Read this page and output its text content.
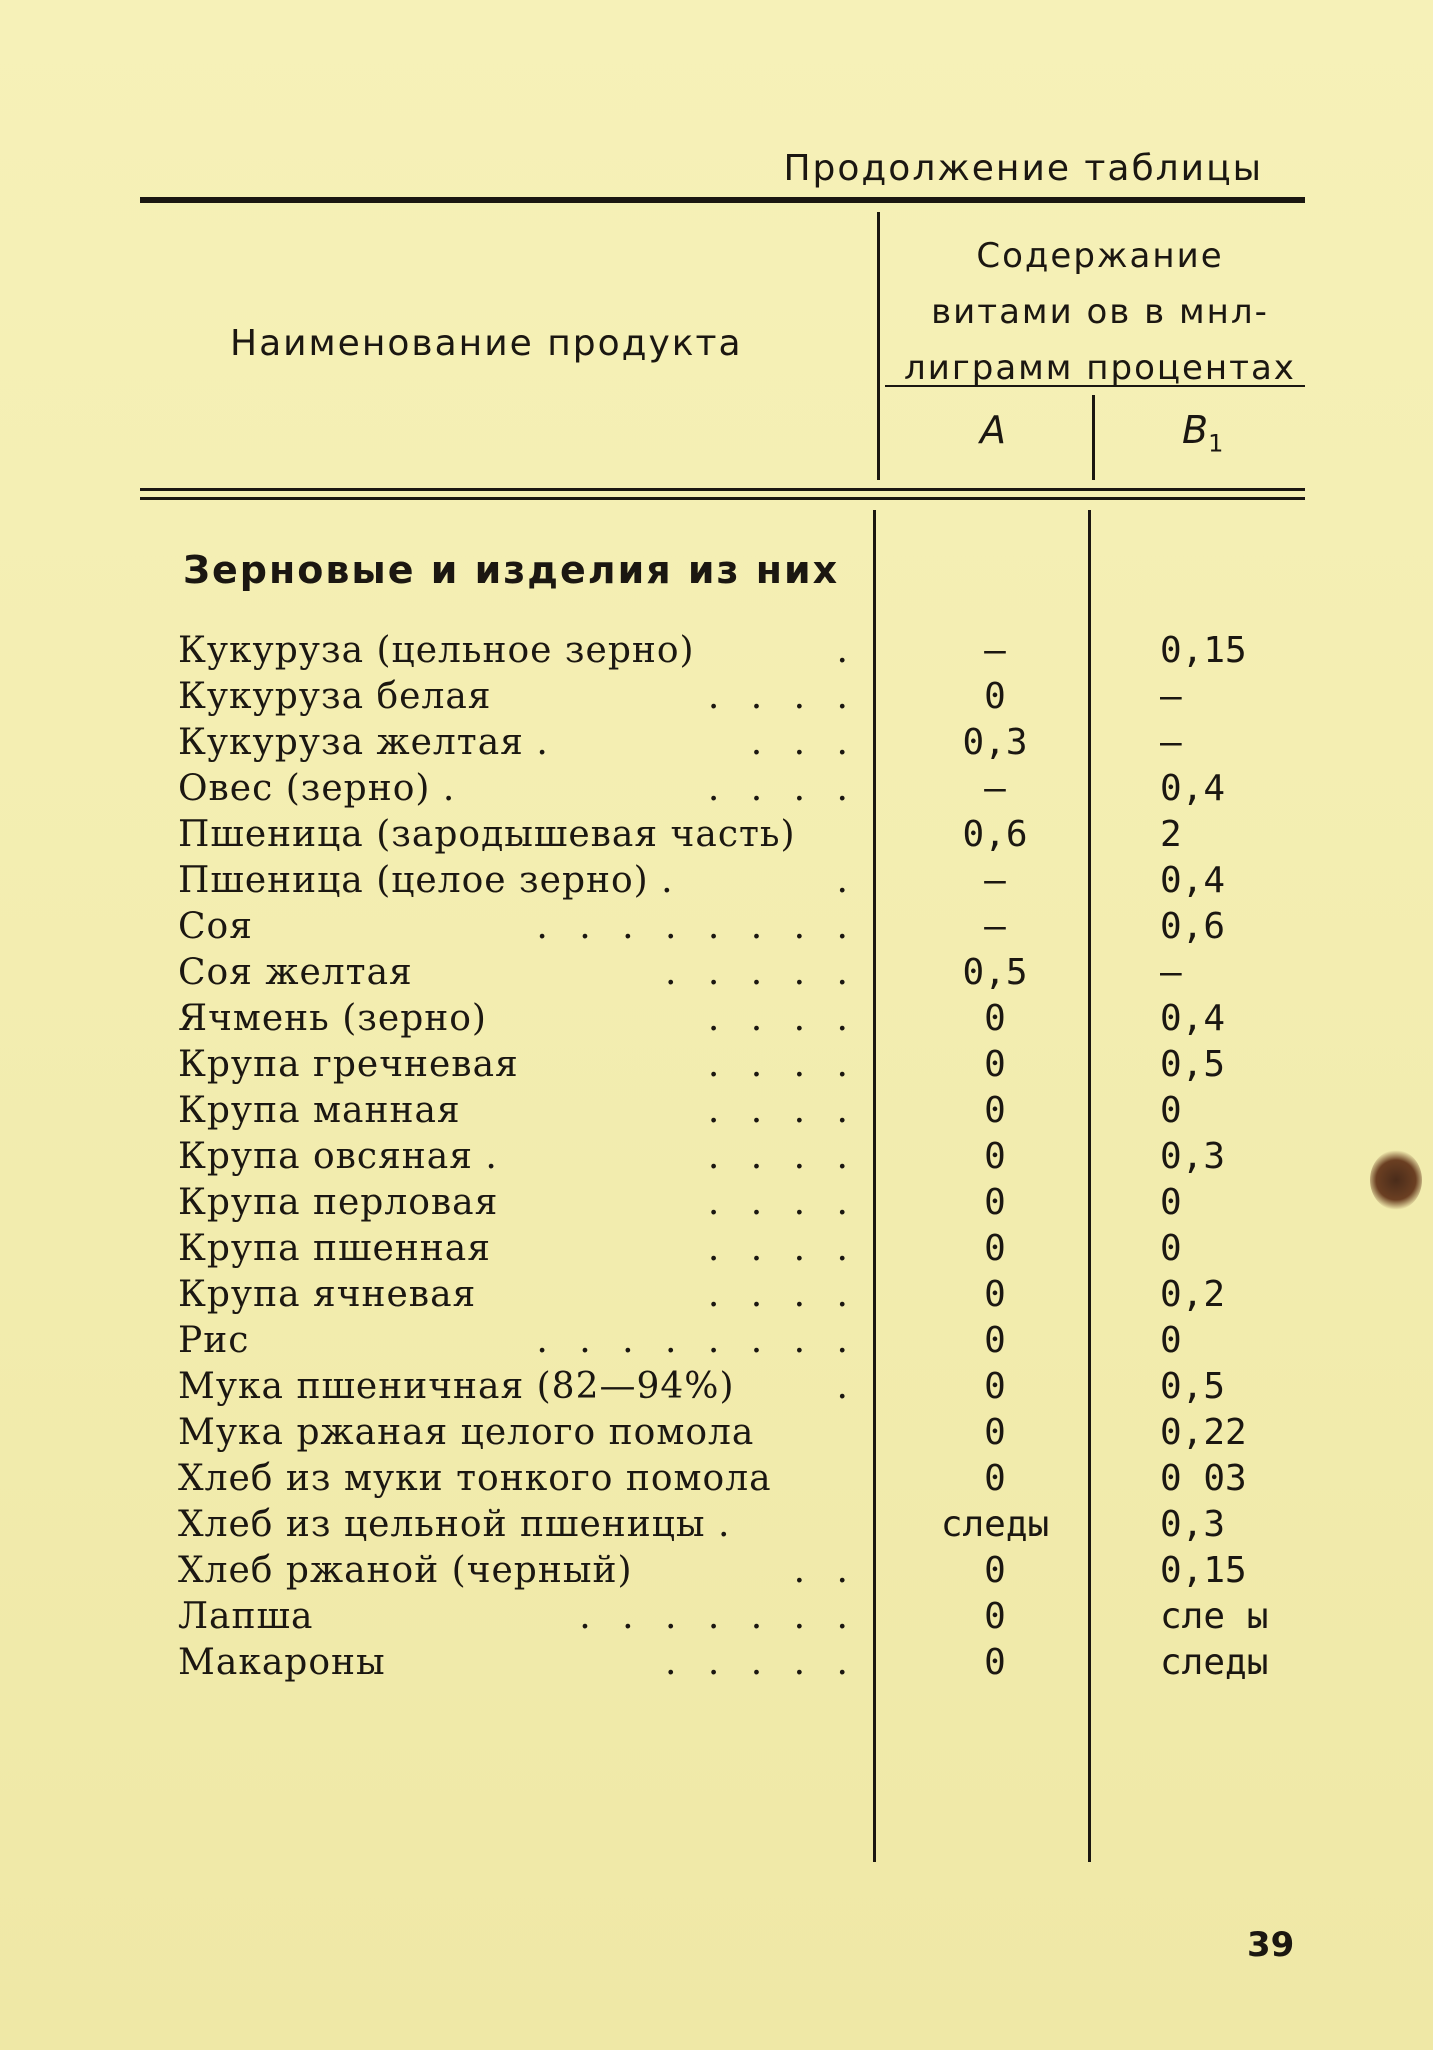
Продолжение таблицы
Наименование продукта
Содержание
витами ов в мнл-
лиграмм процентах
A	$B_1$
Зерновые и изделия из них
Кукуруза (цельное зерно)	.	—	0,15
Кукуруза белая	. . . .	0	—
Кукуруза желтая .	. . .	0,3	—
Овес (зерно) .	. . . .	—	0,4
Пшеница (зародышевая часть)	0,6	2
Пшеница (целое зерно) .	.	—	0,4
Соя	. . . . . . . .	—	0,6
Соя желтая	. . . . .	0,5	—
Ячмень (зерно)	. . . .	0	0,4
Крупа гречневая	. . . .	0	0,5
Крупа манная	. . . .	0	0
Крупа овсяная .	. . . .	0	0,3
Крупа перловая	. . . .	0	0
Крупа пшенная	. . . .	0	0
Крупа ячневая	. . . .	0	0,2
Рис	. . . . . . . .	0	0
Мука пшеничная (82—94%)	.	0	0,5
Мука ржаная целого помола	0	0,22
Хлеб из муки тонкого помола	0	0 03
Хлеб из цельной пшеницы .	следы	0,3
Хлеб ржаной (черный)	. .	0	0,15
Лапша	. . . . . . .	0	сле ы
Макароны	. . . . .	0	следы
39
